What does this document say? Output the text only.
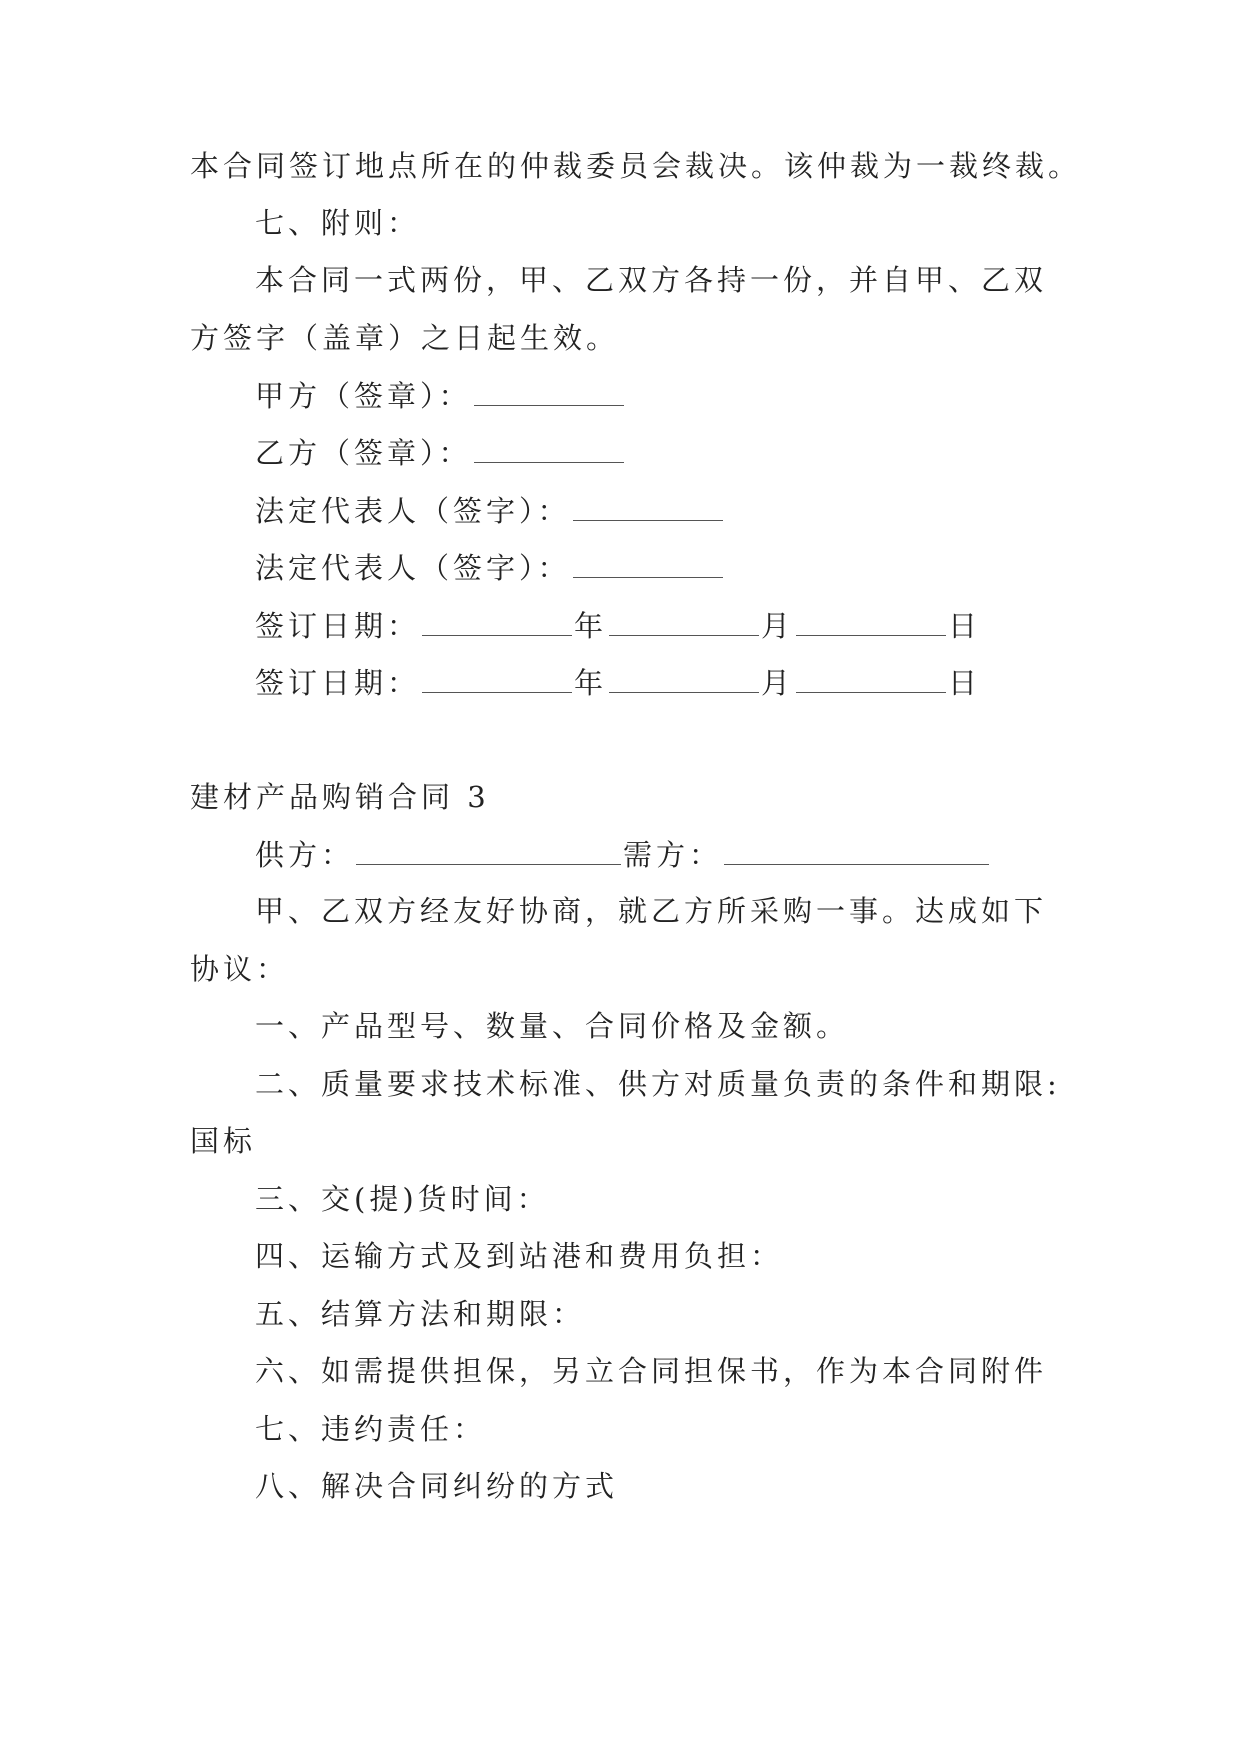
本合同签订地点所在的仲裁委员会裁决。该仲裁为一裁终裁。
七、附则：
本合同一式两份，甲、乙双方各持一份，并自甲、乙双
方签字（盖章）之日起生效。
甲方（签章）：
乙方（签章）：
法定代表人（签字）：
法定代表人（签字）：
签订日期：	年	月	日
签订日期：	年	月	日
建材产品购销合同 3
供方：	需方：
甲、乙双方经友好协商，就乙方所采购一事。达成如下
协议：
一、产品型号、数量、合同价格及金额。
二、质量要求技术标准、供方对质量负责的条件和期限:
国标
三、交(提)货时间：
四、运输方式及到站港和费用负担：
五、结算方法和期限：
六、如需提供担保，另立合同担保书，作为本合同附件
七、违约责任：
八、解决合同纠纷的方式
